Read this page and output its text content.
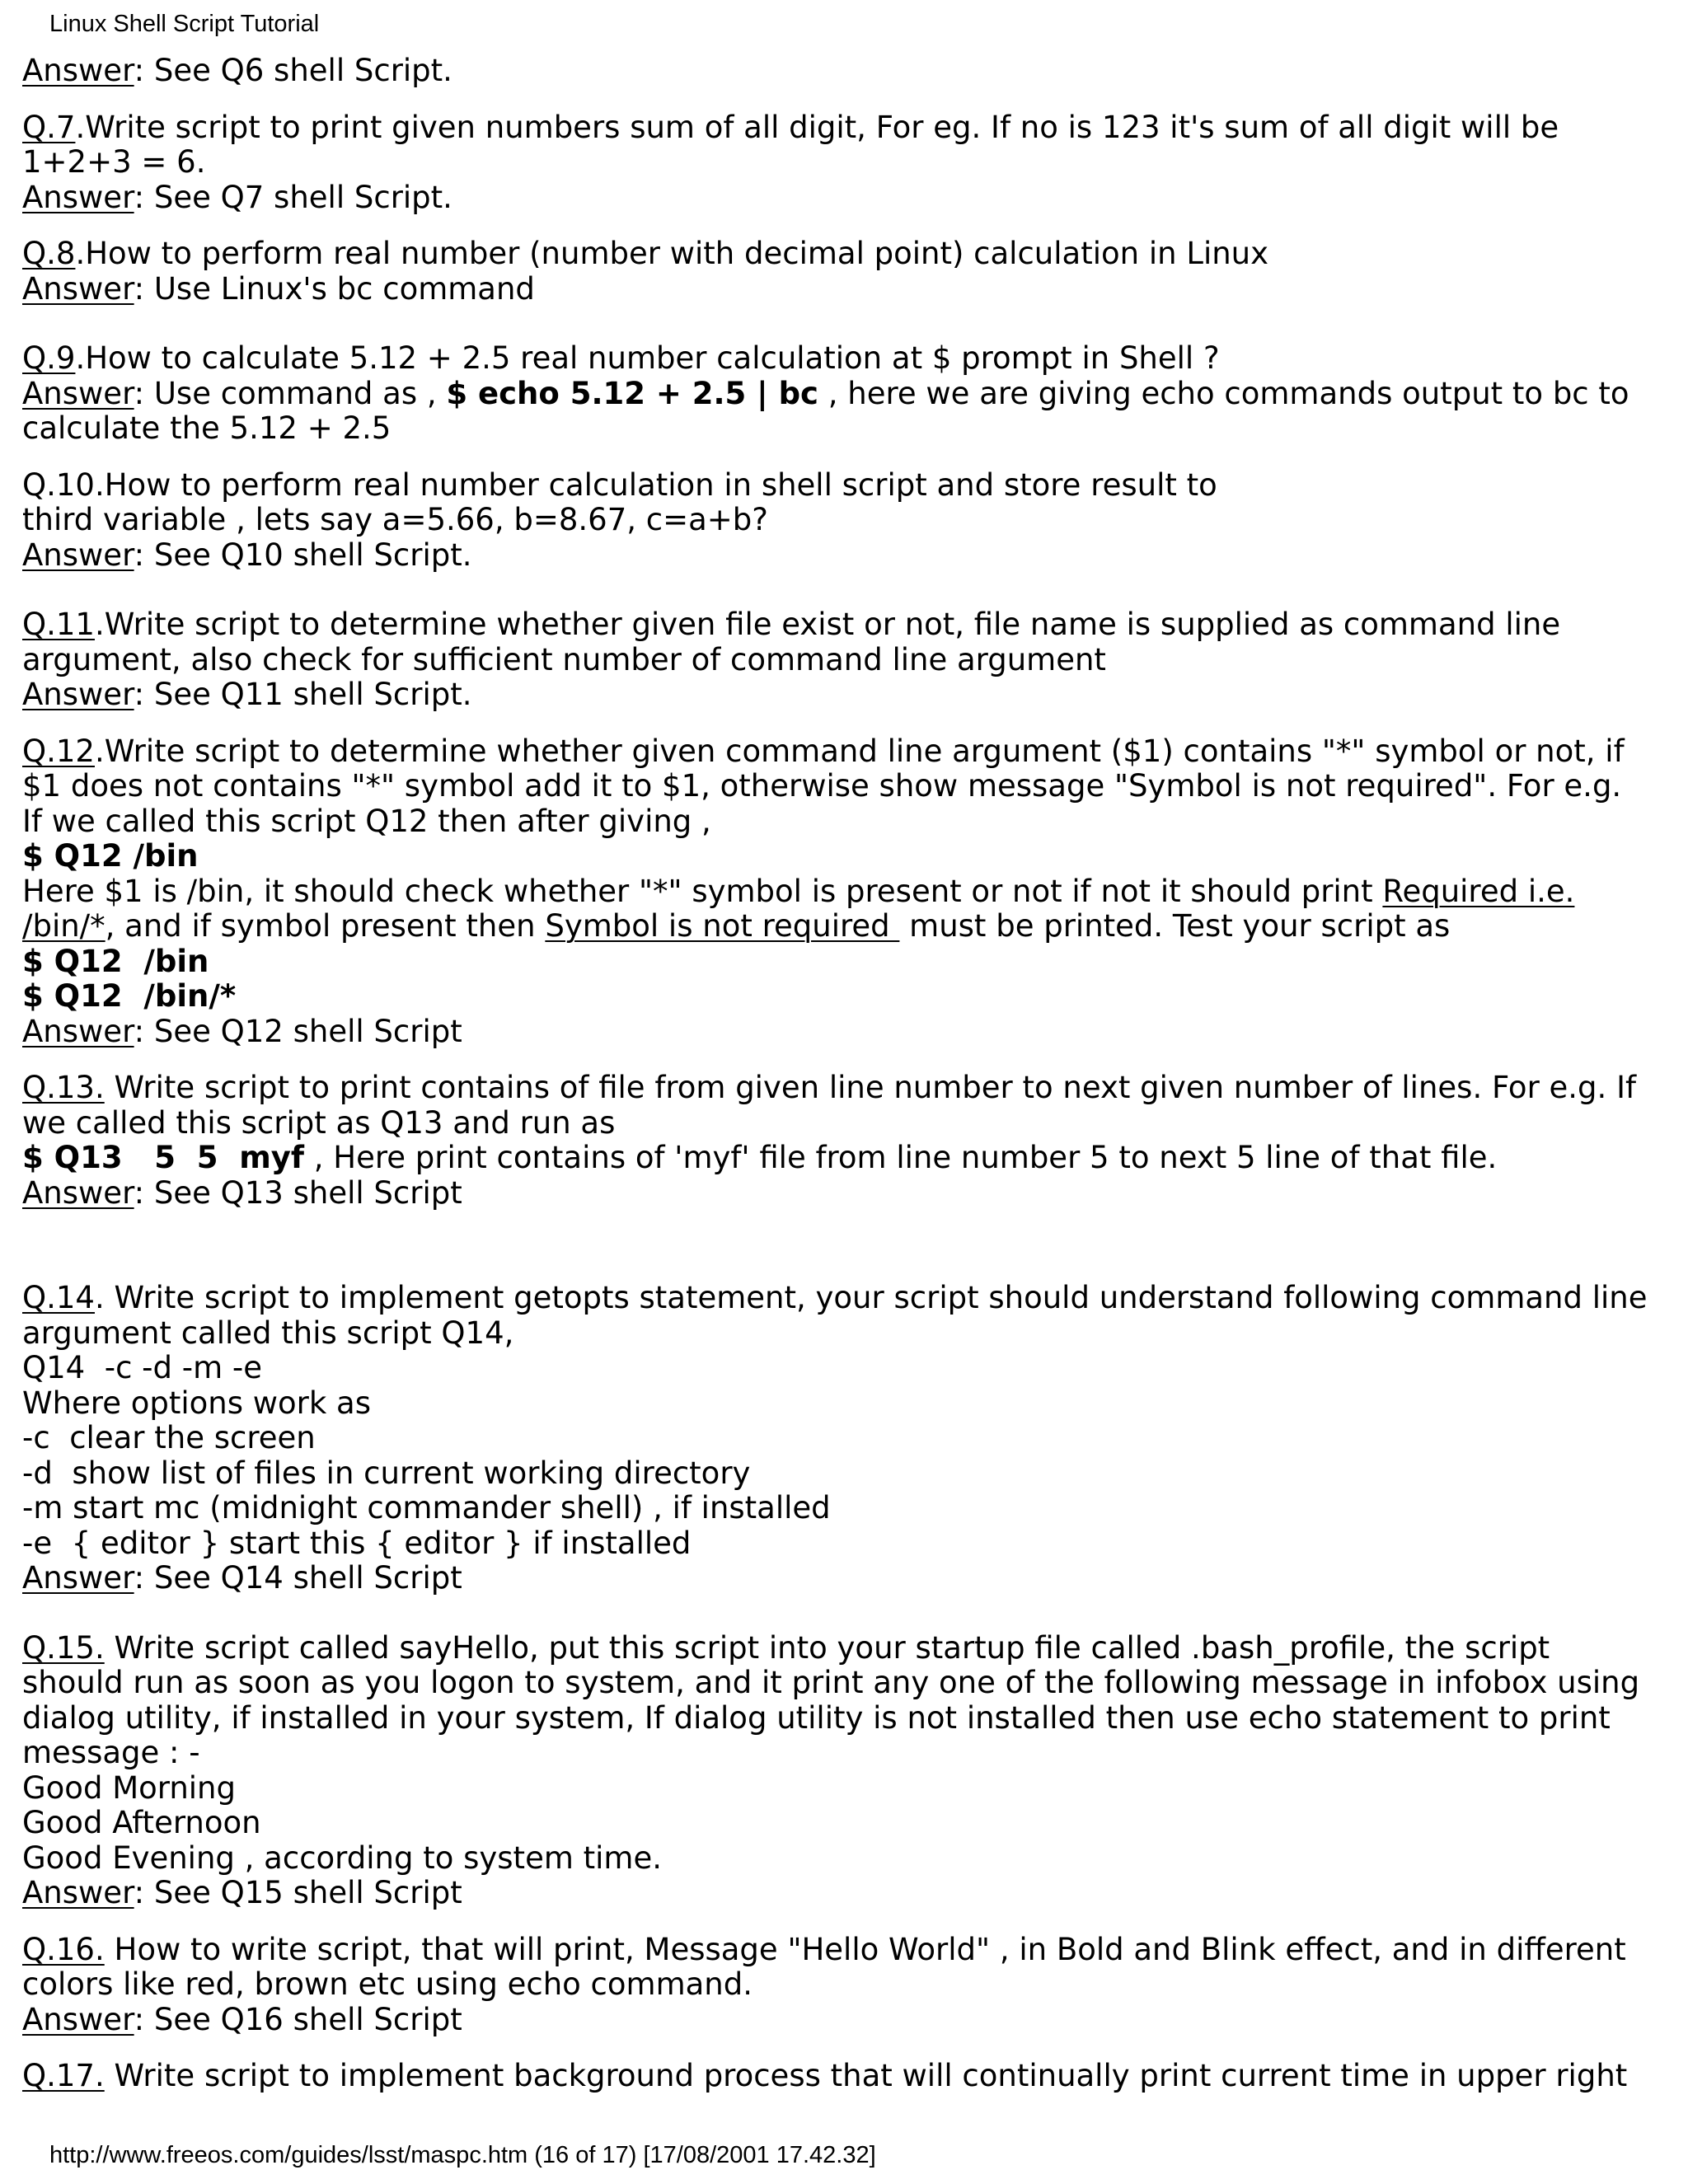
Linux Shell Script Tutorial
Answer: See Q6 shell Script.
Q.7.Write script to print given numbers sum of all digit, For eg. If no is 123 it's sum of all digit will be
1+2+3 = 6.
Answer: See Q7 shell Script.
Q.8.How to perform real number (number with decimal point) calculation in Linux
Answer: Use Linux's bc command
Q.9.How to calculate 5.12 + 2.5 real number calculation at $ prompt in Shell ?
Answer: Use command as , $ echo 5.12 + 2.5 | bc , here we are giving echo commands output to bc to
calculate the 5.12 + 2.5
Q.10.How to perform real number calculation in shell script and store result to
third variable , lets say a=5.66, b=8.67, c=a+b?
Answer: See Q10 shell Script.
Q.11.Write script to determine whether given file exist or not, file name is supplied as command line
argument, also check for sufficient number of command line argument
Answer: See Q11 shell Script.
Q.12.Write script to determine whether given command line argument ($1) contains "*" symbol or not, if
$1 does not contains "*" symbol add it to $1, otherwise show message "Symbol is not required". For e.g.
If we called this script Q12 then after giving ,
$ Q12 /bin
Here $1 is /bin, it should check whether "*" symbol is present or not if not it should print Required i.e.
/bin/*, and if symbol present then Symbol is not required  must be printed. Test your script as
$ Q12  /bin
$ Q12  /bin/*
Answer: See Q12 shell Script
Q.13. Write script to print contains of file from given line number to next given number of lines. For e.g. If
we called this script as Q13 and run as
$ Q13   5  5  myf , Here print contains of 'myf' file from line number 5 to next 5 line of that file.
Answer: See Q13 shell Script
Q.14. Write script to implement getopts statement, your script should understand following command line
argument called this script Q14,
Q14  -c -d -m -e
Where options work as
-c  clear the screen
-d  show list of files in current working directory
-m start mc (midnight commander shell) , if installed
-e  { editor } start this { editor } if installed
Answer: See Q14 shell Script
Q.15. Write script called sayHello, put this script into your startup file called .bash_profile, the script
should run as soon as you logon to system, and it print any one of the following message in infobox using
dialog utility, if installed in your system, If dialog utility is not installed then use echo statement to print
message : -
Good Morning
Good Afternoon
Good Evening , according to system time.
Answer: See Q15 shell Script
Q.16. How to write script, that will print, Message "Hello World" , in Bold and Blink effect, and in different
colors like red, brown etc using echo command.
Answer: See Q16 shell Script
Q.17. Write script to implement background process that will continually print current time in upper right
http://www.freeos.com/guides/lsst/maspc.htm (16 of 17) [17/08/2001 17.42.32]
